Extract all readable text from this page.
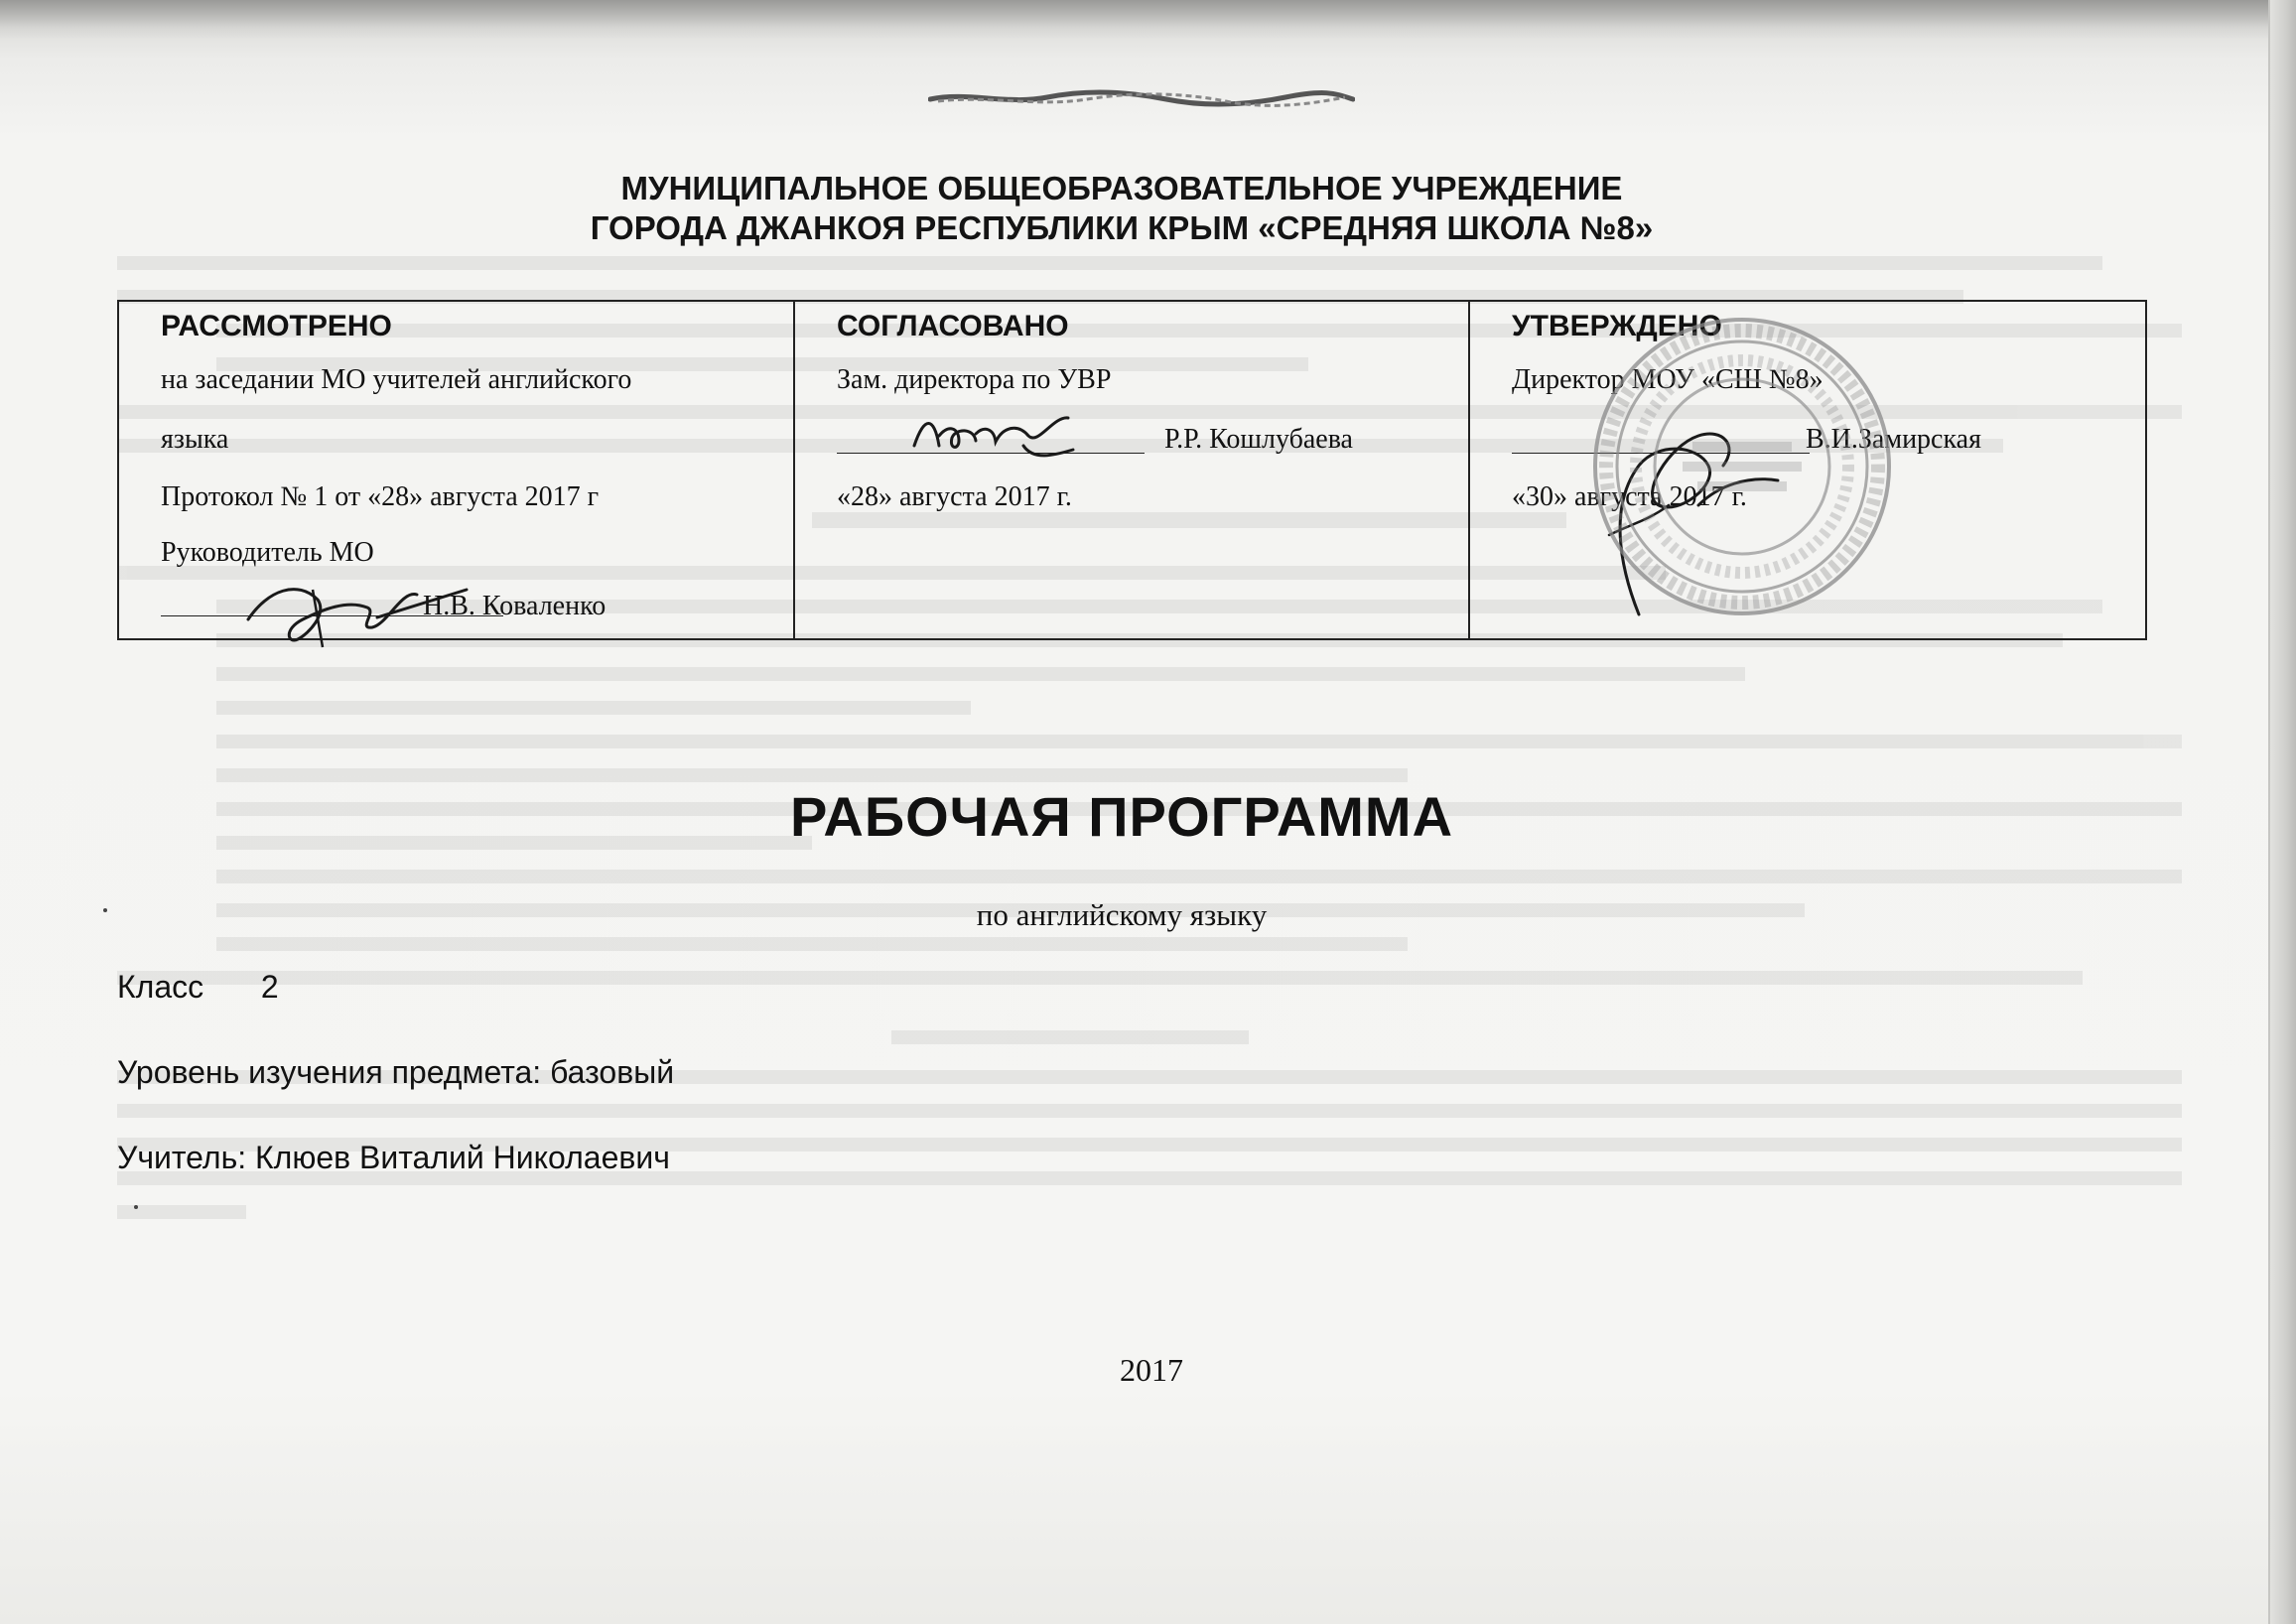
МУНИЦИПАЛЬНОЕ ОБЩЕОБРАЗОВАТЕЛЬНОЕ УЧРЕЖДЕНИЕ
ГОРОДА ДЖАНКОЯ РЕСПУБЛИКИ КРЫМ «СРЕДНЯЯ ШКОЛА №8»
РАССМОТРЕНО
на заседании МО учителей английского
языка
Протокол № 1 от «28» августа 2017 г
Руководитель МО
Н.В. Коваленко
СОГЛАСОВАНО
Зам. директора по УВР
Р.Р. Кошлубаева
«28» августа 2017 г.
УТВЕРЖДЕНО
Директор МОУ «СШ №8»
В.И.Замирская
«30» августа 2017 г.
РАБОЧАЯ ПРОГРАММА
по английскому языку
Класс 2
Уровень изучения предмета: базовый
Учитель: Клюев Виталий Николаевич
2017
